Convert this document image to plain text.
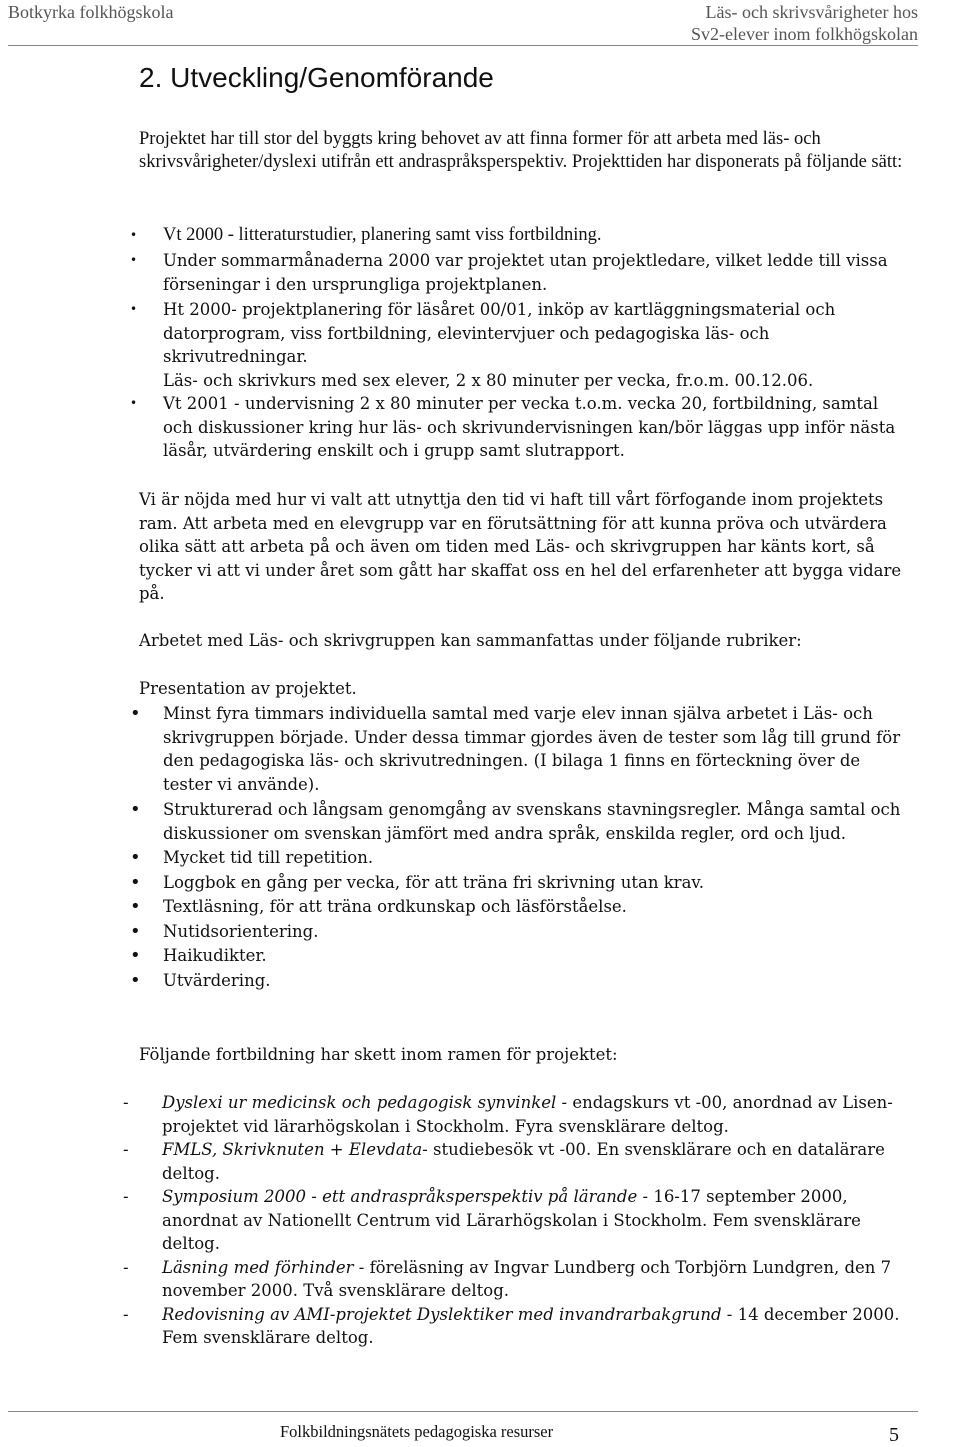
Botkyrka folkhögskola	Läs- och skrivsvårigheter hos
Sv2-elever inom folkhögskolan
2. Utveckling/Genomförande

Projektet har till stor del byggts kring behovet av att finna former för att arbeta med läs- och skrivsvårigheter/dyslexi utifrån ett andraspråksperspektiv. Projekttiden har disponerats på följande sätt:

• Vt 2000 - litteraturstudier, planering samt viss fortbildning.
• Under sommarmånaderna 2000 var projektet utan projektledare, vilket ledde till vissa förseningar i den ursprungliga projektplanen.
• Ht 2000- projektplanering för läsåret 00/01, inköp av kartläggningsmaterial och datorprogram, viss fortbildning, elevintervjuer och pedagogiska läs- och skrivutredningar.
Läs- och skrivkurs med sex elever, 2 x 80 minuter per vecka, fr.o.m. 00.12.06.
• Vt 2001 - undervisning 2 x 80 minuter per vecka t.o.m. vecka 20, fortbildning, samtal och diskussioner kring hur läs- och skrivundervisningen kan/bör läggas upp inför nästa läsår, utvärdering enskilt och i grupp samt slutrapport.

Vi är nöjda med hur vi valt att utnyttja den tid vi haft till vårt förfogande inom projektets ram. Att arbeta med en elevgrupp var en förutsättning för att kunna pröva och utvärdera olika sätt att arbeta på och även om tiden med Läs- och skrivgruppen har känts kort, så tycker vi att vi under året som gått har skaffat oss en hel del erfarenheter att bygga vidare på.

Arbetet med Läs- och skrivgruppen kan sammanfattas under följande rubriker:

Presentation av projektet.

• Minst fyra timmars individuella samtal med varje elev innan själva arbetet i Läs- och skrivgruppen började. Under dessa timmar gjordes även de tester som låg till grund för den pedagogiska läs- och skrivutredningen. (I bilaga 1 finns en förteckning över de tester vi använde).
• Strukturerad och långsam genomgång av svenskans stavningsregler. Många samtal och diskussioner om svenskan jämfört med andra språk, enskilda regler, ord och ljud.
• Mycket tid till repetition.
• Loggbok en gång per vecka, för att träna fri skrivning utan krav.
• Textläsning, för att träna ordkunskap och läsförståelse.
• Nutidsorientering.
• Haikudikter.
• Utvärdering.

Följande fortbildning har skett inom ramen för projektet:

- Dyslexi ur medicinsk och pedagogisk synvinkel - endagskurs vt -00, anordnad av Lisen- projektet vid lärarhögskolan i Stockholm. Fyra svensklärare deltog.
- FMLS, Skrivknuten + Elevdata- studiebesök vt -00. En svensklärare och en datalärare deltog.
- Symposium 2000 - ett andraspråksperspektiv på lärande - 16-17 september 2000, anordnat av Nationellt Centrum vid Lärarhögskolan i Stockholm. Fem svensklärare deltog.
- Läsning med förhinder - föreläsning av Ingvar Lundberg och Torbjörn Lundgren, den 7 november 2000. Två svensklärare deltog.
- Redovisning av AMI-projektet Dyslektiker med invandrarbakgrund - 14 december 2000. Fem svensklärare deltog.
Folkbildningsnätets pedagogiska resurser	5
